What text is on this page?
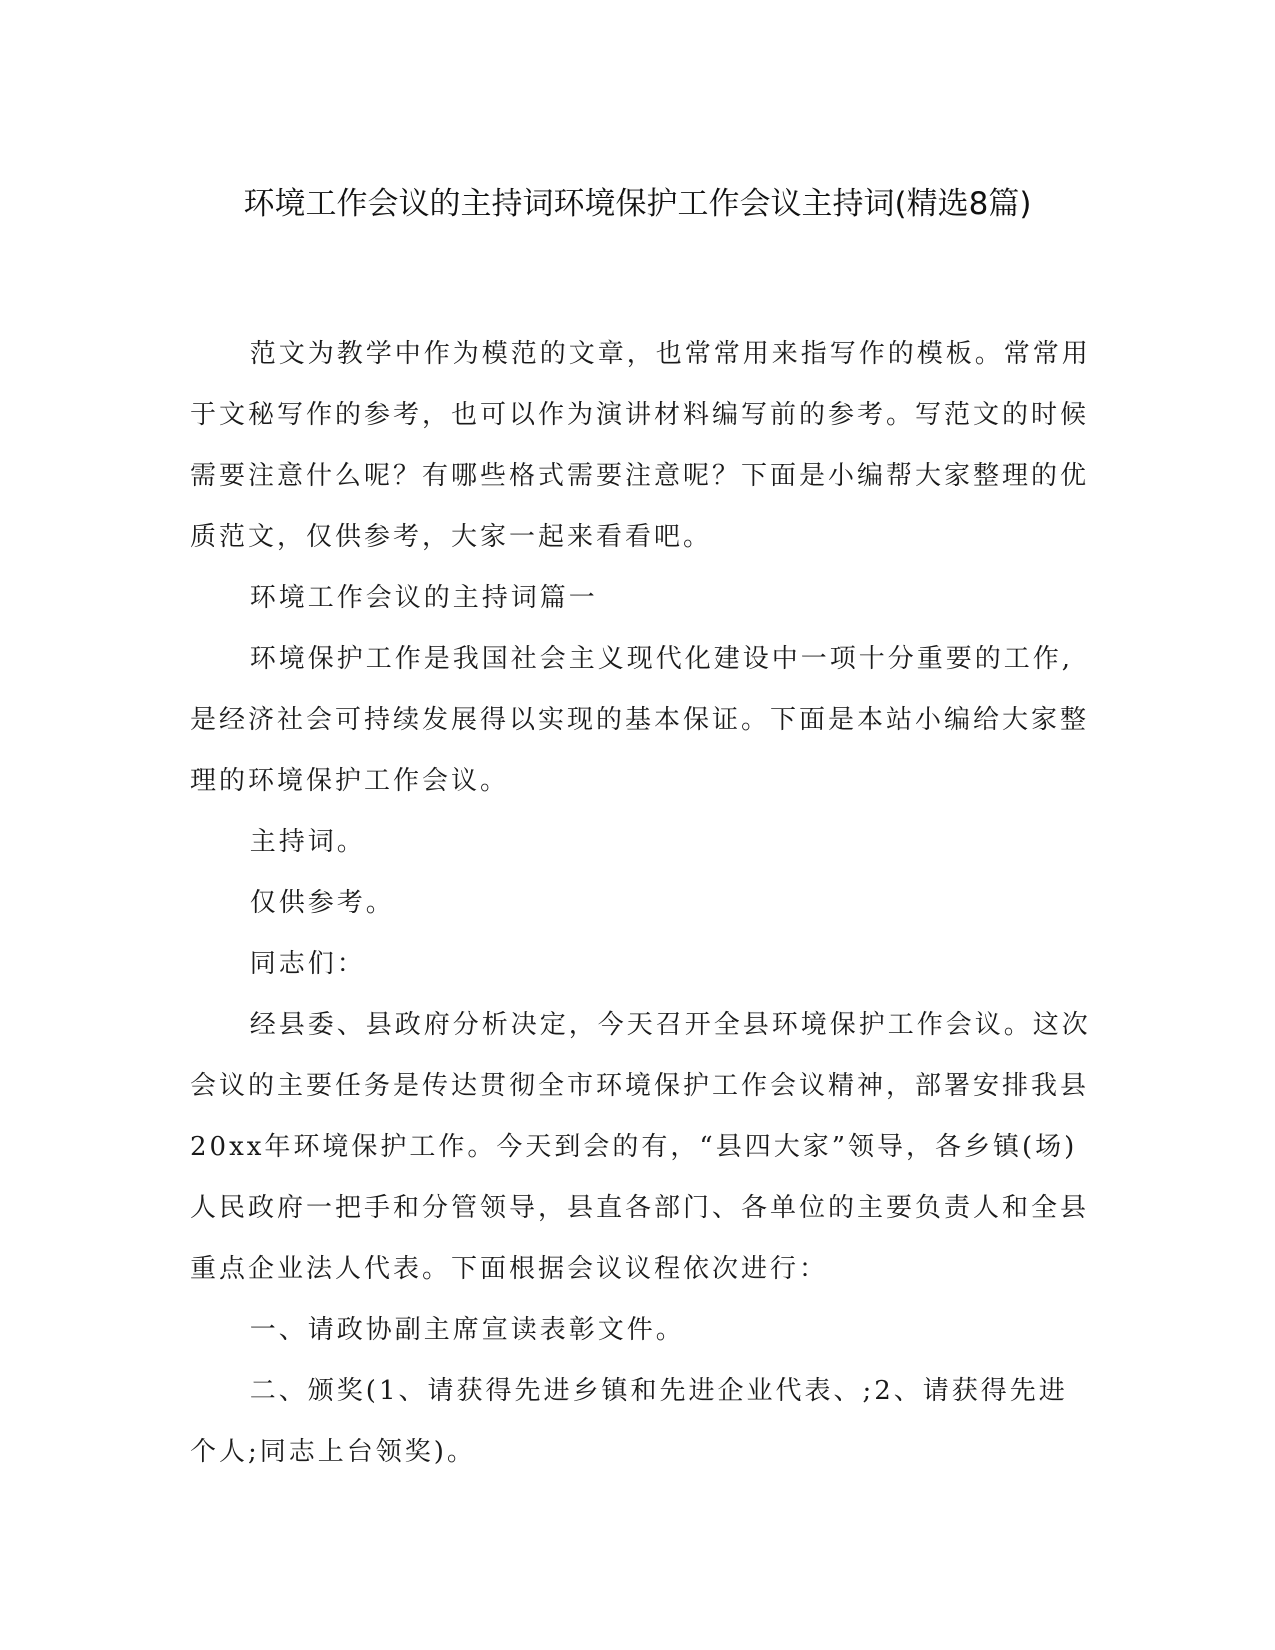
环境工作会议的主持词环境保护工作会议主持词(精选8篇)

范文为教学中作为模范的文章，也常常用来指写作的模板。常常用于文秘写作的参考，也可以作为演讲材料编写前的参考。写范文的时候需要注意什么呢？有哪些格式需要注意呢？下面是小编帮大家整理的优质范文，仅供参考，大家一起来看看吧。

环境工作会议的主持词篇一

环境保护工作是我国社会主义现代化建设中一项十分重要的工作,是经济社会可持续发展得以实现的基本保证。下面是本站小编给大家整理的环境保护工作会议。

主持词。

仅供参考。

同志们：

经县委、县政府分析决定，今天召开全县环境保护工作会议。这次会议的主要任务是传达贯彻全市环境保护工作会议精神，部署安排我县20xx年环境保护工作。今天到会的有，“县四大家”领导，各乡镇(场)人民政府一把手和分管领导，县直各部门、各单位的主要负责人和全县重点企业法人代表。下面根据会议议程依次进行：

一、请政协副主席宣读表彰文件。

二、颁奖(1、请获得先进乡镇和先进企业代表、;2、请获得先进个人;同志上台领奖)。
